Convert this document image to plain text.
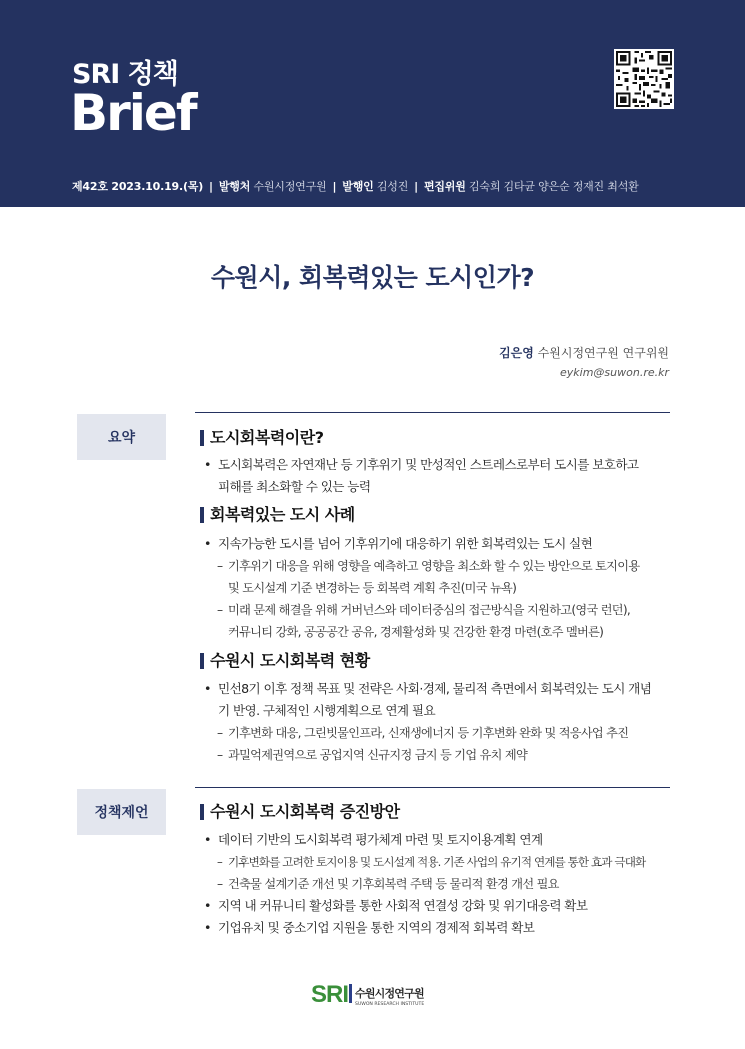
SRI 정책
Brief
제42호 2023.10.19.(목) | 발행처 수원시정연구원 | 발행인 김성진 | 편집위원 김숙희 김타균 양은순 정재진 최석환
수원시, 회복력있는 도시인가?
김은영 수원시정연구원 연구위원
eykim@suwon.re.kr
요약	도시회복력이란?
• 도시회복력은 자연재난 등 기후위기 및 만성적인 스트레스로부터 도시를 보호하고
피해를 최소화할 수 있는 능력
회복력있는 도시 사례
• 지속가능한 도시를 넘어 기후위기에 대응하기 위한 회복력있는 도시 실현
– 기후위기 대응을 위해 영향을 예측하고 영향을 최소화 할 수 있는 방안으로 토지이용
및 도시설계 기준 변경하는 등 회복력 계획 추진(미국 뉴욕)
– 미래 문제 해결을 위해 거버넌스와 데이터중심의 접근방식을 지원하고(영국 런던),
커뮤니티 강화, 공공공간 공유, 경제활성화 및 건강한 환경 마련(호주 멜버른)
수원시 도시회복력 현황
• 민선8기 이후 정책 목표 및 전략은 사회·경제, 물리적 측면에서 회복력있는 도시 개념
기 반영. 구체적인 시행계획으로 연계 필요
– 기후변화 대응, 그린빗물인프라, 신재생에너지 등 기후변화 완화 및 적응사업 추진
– 과밀억제권역으로 공업지역 신규지정 금지 등 기업 유치 제약
정책제언	수원시 도시회복력 증진방안
• 데이터 기반의 도시회복력 평가체계 마련 및 토지이용계획 연계
– 기후변화를 고려한 토지이용 및 도시설계 적용. 기존 사업의 유기적 연계를 통한 효과 극대화
– 건축물 설계기준 개선 및 기후회복력 주택 등 물리적 환경 개선 필요
• 지역 내 커뮤니티 활성화를 통한 사회적 연결성 강화 및 위기대응력 확보
• 기업유치 및 중소기업 지원을 통한 지역의 경제적 회복력 확보
SRI 수원시정연구원
SUWON RESEARCH INSTITUTE
